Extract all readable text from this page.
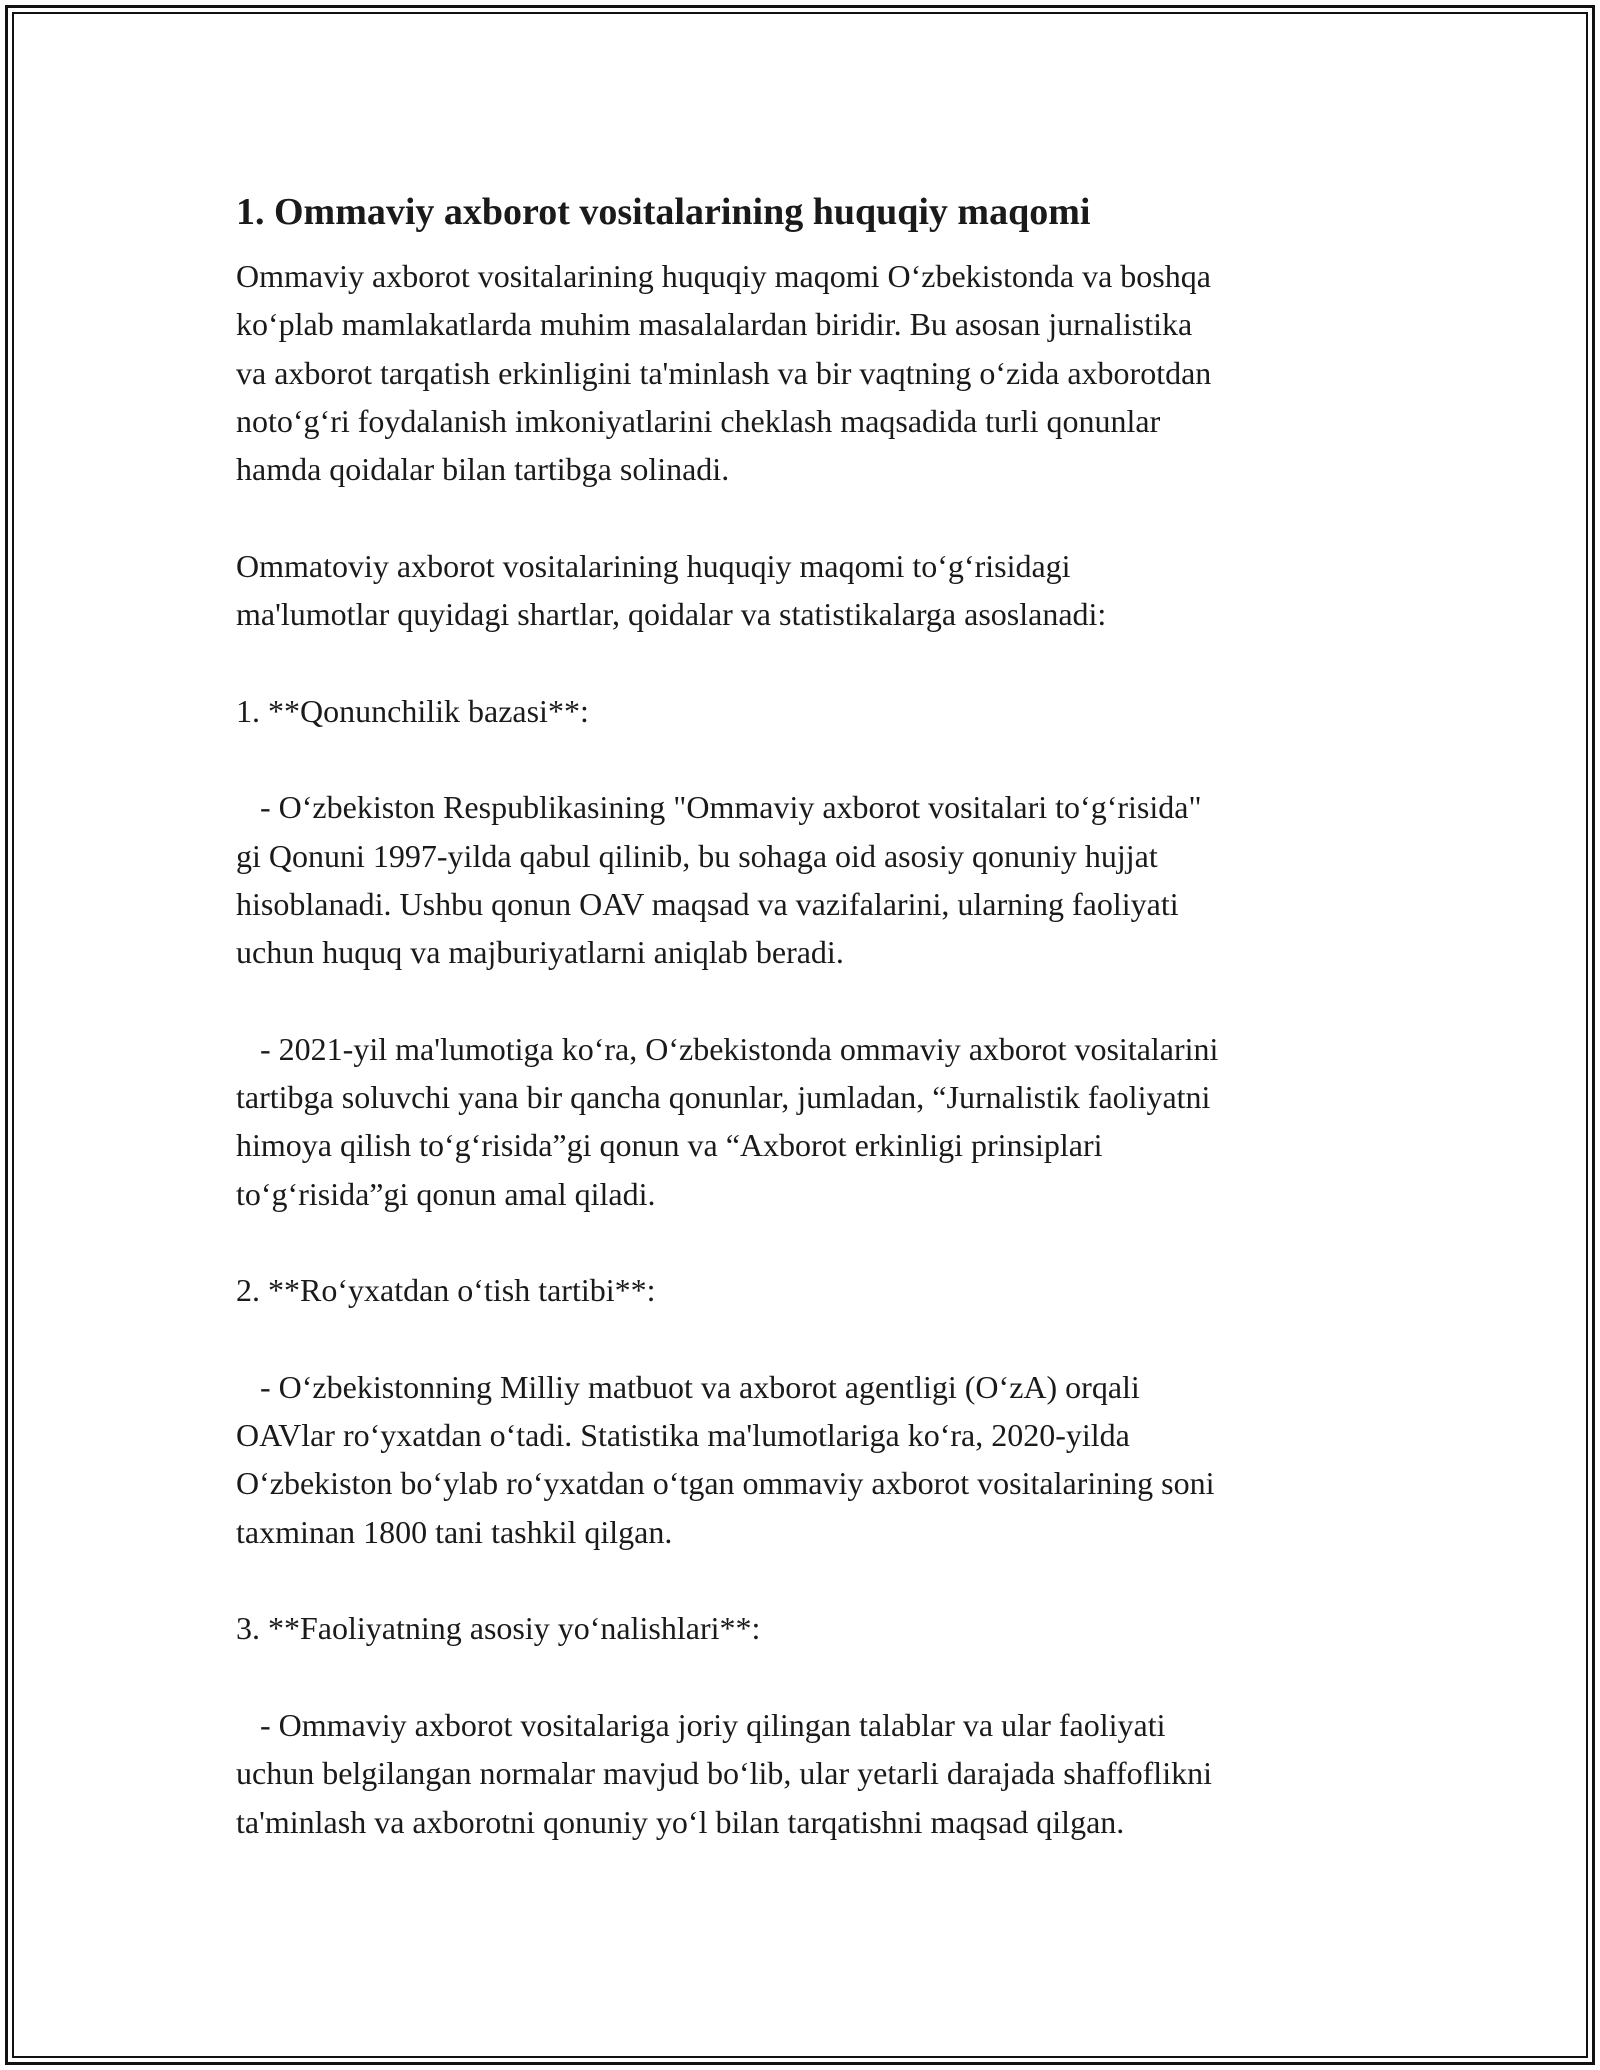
1. Ommaviy axborot vositalarining huquqiy maqomi
Ommaviy axborot vositalarining huquqiy maqomi O‘zbekistonda va boshqa
ko‘plab mamlakatlarda muhim masalalardan biridir. Bu asosan jurnalistika
va axborot tarqatish erkinligini ta'minlash va bir vaqtning o‘zida axborotdan
noto‘g‘ri foydalanish imkoniyatlarini cheklash maqsadida turli qonunlar
hamda qoidalar bilan tartibga solinadi.
Ommatoviy axborot vositalarining huquqiy maqomi to‘g‘risidagi
ma'lumotlar quyidagi shartlar, qoidalar va statistikalarga asoslanadi:
1. **Qonunchilik bazasi**:
- O‘zbekiston Respublikasining "Ommaviy axborot vositalari to‘g‘risida"
gi Qonuni 1997-yilda qabul qilinib, bu sohaga oid asosiy qonuniy hujjat
hisoblanadi. Ushbu qonun OAV maqsad va vazifalarini, ularning faoliyati
uchun huquq va majburiyatlarni aniqlab beradi.
- 2021-yil ma'lumotiga ko‘ra, O‘zbekistonda ommaviy axborot vositalarini
tartibga soluvchi yana bir qancha qonunlar, jumladan, “Jurnalistik faoliyatni
himoya qilish to‘g‘risida”gi qonun va “Axborot erkinligi prinsiplari
to‘g‘risida”gi qonun amal qiladi.
2. **Ro‘yxatdan o‘tish tartibi**:
- O‘zbekistonning Milliy matbuot va axborot agentligi (O‘zA) orqali
OAVlar ro‘yxatdan o‘tadi. Statistika ma'lumotlariga ko‘ra, 2020-yilda
O‘zbekiston bo‘ylab ro‘yxatdan o‘tgan ommaviy axborot vositalarining soni
taxminan 1800 tani tashkil qilgan.
3. **Faoliyatning asosiy yo‘nalishlari**:
- Ommaviy axborot vositalariga joriy qilingan talablar va ular faoliyati
uchun belgilangan normalar mavjud bo‘lib, ular yetarli darajada shaffoflikni
ta'minlash va axborotni qonuniy yo‘l bilan tarqatishni maqsad qilgan.
